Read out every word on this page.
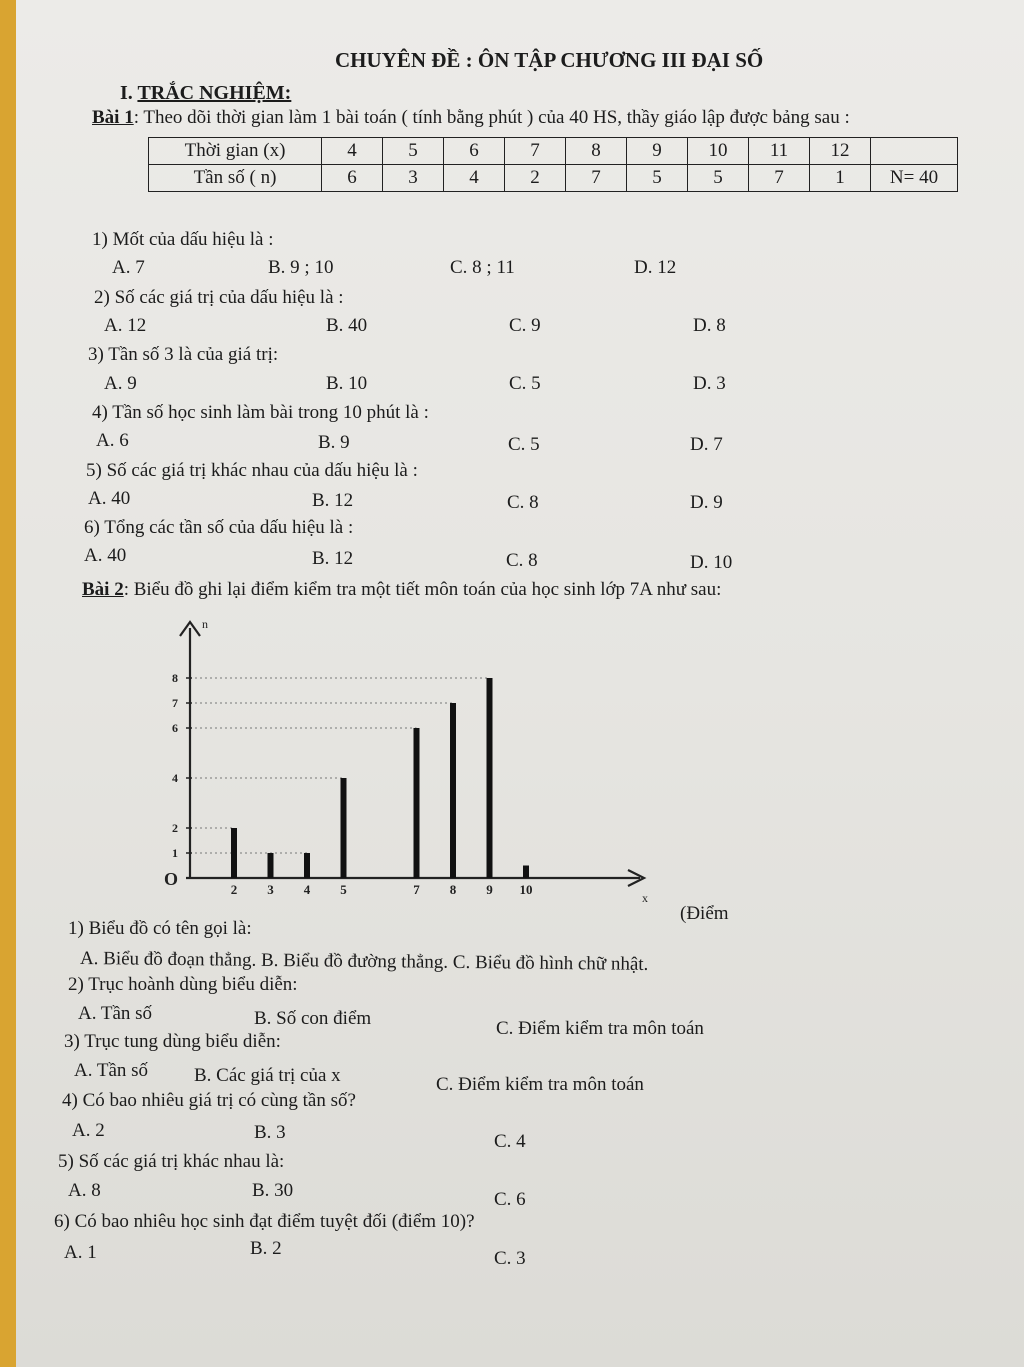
CHUYÊN ĐỀ : ÔN TẬP CHƯƠNG III ĐẠI SỐ
I. TRẮC NGHIỆM:
Bài 1: Theo dõi thời gian làm 1 bài toán ( tính bằng phút ) của 40 HS, thầy giáo lập được bảng sau :
Thời gian (x)	4	5	6	7	8	9	10	11	12	
Tần số ( n)	6	3	4	2	7	5	5	7	1	N= 40
1) Mốt của dấu hiệu là :
A. 7	B. 9 ; 10	C. 8 ; 11	D. 12
2) Số các giá trị của dấu hiệu là :
A. 12	B. 40	C. 9	D. 8
3) Tần số 3 là của giá trị:
A. 9	B. 10	C. 5	D. 3
4) Tần số học sinh làm bài trong 10 phút là :
A. 6	B. 9	C. 5	D. 7
5) Số các giá trị khác nhau của dấu hiệu là :
A. 40	B. 12	C. 8	D. 9
6) Tổng các tần số của dấu hiệu là :
A. 40	B. 12	C. 8	D. 10
Bài 2: Biểu đồ ghi lại điểm kiểm tra một tiết môn toán của học sinh lớp 7A như sau:
n
x
O
1
2
4
6
7
8
2 3 4 5	7 8 9 10
(Điểm
1) Biểu đồ có tên gọi là:
A. Biểu đồ đoạn thẳng. B. Biểu đồ đường thẳng. C. Biểu đồ hình chữ nhật.
2) Trục hoành dùng biểu diễn:
A. Tần số	B. Số con điểm	C. Điểm kiểm tra môn toán
3) Trục tung dùng biểu diễn:
A. Tần số B. Các giá trị của x	C. Điểm kiểm tra môn toán
4) Có bao nhiêu giá trị có cùng tần số?
A. 2	B. 3	C. 4
5) Số các giá trị khác nhau là:
A. 8	B. 30	C. 6
6) Có bao nhiêu học sinh đạt điểm tuyệt đối (điểm 10)?
A. 1	B. 2	C. 3
